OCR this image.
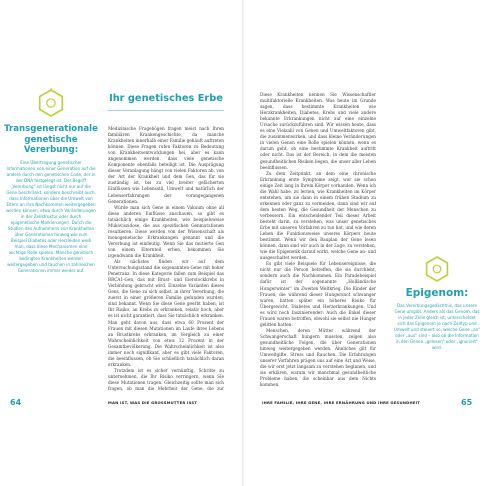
Transgenerationale genetische Vererbung:
Eine Übertragung genetischer Informationen von einer Generation auf die andere durch den genetischen Code, der in der DNA festgelegt ist. Der Begriff „Vererbung“ ist längst nicht nur auf die Gene beschränkt, sondern beschreibt auch, dass Informationen über die Umwelt von Eltern an ihre Nachkommen weitergegeben werden können, etwa durch Veränderungen in der Zellstruktur oder durch epigenetische Markierungen. Durch die Studien des Aufnehmens von Krankheiten über Generationen hinweg wie zum Beispiel Diabetes oder Herzleiden weiß man, dass diese Mechanismen eine wichtige Rolle spielen. Manche genetisch bedingten Krankheiten werden weitergegeben und tauchen in zahlreichen Generationen immer wieder auf.
Ihr genetisches Erbe

Medizinische Fragebögen fragen meist nach Ihren familiären Krankengeschichte, da manche Krankheiten innerhalb einer Familie gehäuft auftreten können. Diese Fragen rufen Faktoren zu Bedeutung von Krankheitsentwicklungen bei, aber es kann angenommen werden, dass viele genetische Komponente ebenfalls beteiligt ist. Die Ausprägung dieser Veranlagung hängt von vielen Faktoren ab, von der Art der Krankheit und dem Gen, das für sie zuständig ist, bis zu viel breiter gefächerten Einflüssen wie Lebensstil, Umwelt und natürlich der Lebenserfahrungen der vorangegangenen Generationen.

Würde man sich Gene in einem Vakuum ohne all diese anderen Einflüsse anschauen, so gibt es tatsächlich einige Krankheiten, wie beispielsweise Mukoviszidose, die aus spezifischen Genmutationen resultieren. Diese werden von der Wissenschaft als monogenetische Erkrankungen genannt und die Vererbung ist eindeutig. Wenn Sie das mutierte Gen von einem Elternteil erben, bekommen Sie irgendwann die Krankheit.

Als nächstes finden wir auf dem Untersuchungsstand die sogenannten Gene mit hoher Penetranz. In diese Kategorie fallen zum Beispiel das BRCA1-Gen, das mit Brust- und Eierstockkrebs in Verbindung gebracht wird. Einzelne Varianten dieses Gens, die Gene zu sich selbst, in ihrer Vererbung, die zuerst in einer größeren Familie gefunden wurden, sind bekannt. Wenn Sie diese Gene geerbt haben, ist Ihr Risiko, an Krebs zu erkranken, relativ hoch, aber es ist nicht garantiert, dass Sie tatsächlich erkranken. Man geht davon aus, dass etwa 60 Prozent der Frauen mit diesen Mutationen im Laufe ihres Lebens an Brustkrebs erkranken, im Vergleich zu einer Wahrscheinlichkeit von etwa 12 Prozent in der Gesamtbevölkerung. Die Wahrscheinlichkeit ist also immer noch signifikant, aber es gibt viele Faktoren, die beeinflussen, ob Sie schließlich tatsächlich daran erkranken.

Trotzdem ist es sicher vernünftig, Schritte zu unternehmen, die Ihr Risiko verringern, wenn Sie diese Mutationen tragen. Gleichzeitig sollte man sich fragen, ob man die Mehrheit der Gene, die zur

64	MAN IST, WAS DIE GROSSMUTTER ISST

Diese Krankheiten nennen Sie Wissenschaftler multifaktorielle Krankheiten. Was heute im Grunde sagen, dass bestimmte Krankheiten wie Herzkrankheiten, Diabetes, Krebs und viele andere bekannte Erkrankungen nicht auf eine einzelne Ursache zurückzuführen sind. Wir wissen heute, dass es eine Vielzahl von Genen und Umweltfaktoren gibt, die zusammenwirken, und dass kleine Veränderungen in vielen Genen eine Rolle spielen können, wenn es darum geht, ob eine bestimmte Krankheit auftritt oder nicht. Das ist der Bereich, in dem die meisten gesundheitlichen Risiken liegen, die unser aller Leben beeinflussen.

Zu dem Zeitpunkt, an dem eine chronische Erkrankung erste Symptome zeigt, war sie schon einige Zeit lang in Ihrem Körper vorhanden. Wenn ich die Wahl habe, zu lernen, wie Krankheiten im Körper entstehen, um sie dann in einem frühen Stadium zu erkennen oder ganz zu vermeiden, dann sind wir auf dem besten Weg, die Gesundheit der Menschen zu verbessern. Ein entscheidender Teil dieser Arbeit besteht darin, zu verstehen, was unser genetisches Erbe mit unseren Vorfahren zu tun hat, und wie deren Leben die Funktionsweise unseres Körpers heute bestimmt. Wenn wir den Bauplan der Gene lesen können, dann sind wir auch in der Lage, zu verstehen, wie die Epigenetik darauf wirkt, welche Gene an- und ausgeschaltet werden.

Es gibt viele Beispiele für Lebensereignisse, die nicht nur die Person betreffen, die sie durchlebt, sondern auch die Nachkommen. Ein Paradebeispiel dafür ist der sogenannte „Holländische Hungerwinter“ im Zweiten Weltkrieg. Die Kinder der Frauen, die während dieser Hungersnot schwanger waren, hatten später ein höheres Risiko für Übergewicht, Diabetes und Herzerkrankungen. Und es wird noch faszinierender: Auch die Enkel dieser Frauen waren betroffen, obwohl sie selbst nie Hunger gelitten hatten.

Menschen, deren Mütter während der Schwangerschaft hungern mussten, zeigen also gesundheitliche Folgen, die über Generationen hinweg weitergegeben werden. Ähnliches gilt für Umweltgifte, Stress und Rauchen. Die Erfahrungen unserer Vorfahren prägen uns auf eine Art und Weise, die wir erst jetzt langsam zu verstehen beginnen, und sie erklären, warum wir manchmal gesundheitliche Probleme haben, die scheinbar aus dem Nichts kommen.

Epigenom:
Das Vererbungsgedächtnis, das unsere Gene umgibt. Anders als das Genom, das in jeder Zelle gleich ist, unterscheidet sich das Epigenom je nach Zelltyp und Umwelt und steuert so, welche Gene „an“ oder „aus“ sind – also ob die Information in den Genen „gelesen“ oder „ignoriert“ wird.
IHRE FAMILIE, IHRE GENE, IHRE ERNÄHRUNG UND IHRE GESUNDHEIT	65
